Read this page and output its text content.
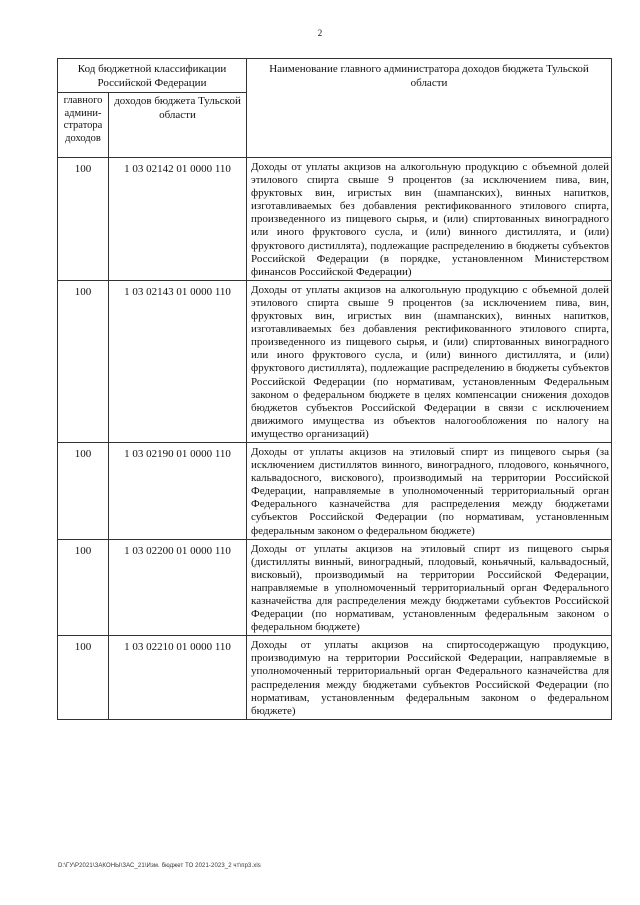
2
Код бюджетной классификации Российской Федерации		Наименование главного администратора доходов бюджета Тульской области
главного админи-стратора доходов	доходов бюджета Тульской области	
100	1 03 02142 01 0000 110	Доходы от уплаты акцизов на алкогольную продукцию с объемной долей этилового спирта свыше 9 процентов (за исключением пива, вин, фруктовых вин, игристых вин (шампанских), винных напитков, изготавливаемых без добавления ректификованного этилового спирта, произведенного из пищевого сырья, и (или) спиртованных виноградного или иного фруктового сусла, и (или) винного дистиллята, и (или) фруктового дистиллята), подлежащие распределению в бюджеты субъектов Российской Федерации (в порядке, установленном Министерством финансов Российской Федерации)
100	1 03 02143 01 0000 110	Доходы от уплаты акцизов на алкогольную продукцию с объемной долей этилового спирта свыше 9 процентов (за исключением пива, вин, фруктовых вин, игристых вин (шампанских), винных напитков, изготавливаемых без добавления ректификованного этилового спирта, произведенного из пищевого сырья, и (или) спиртованных виноградного или иного фруктового сусла, и (или) винного дистиллята, и (или) фруктового дистиллята), подлежащие распределению в бюджеты субъектов Российской Федерации (по нормативам, установленным Федеральным законом о федеральном бюджете в целях компенсации снижения доходов бюджетов субъектов Российской Федерации в связи с исключением движимого имущества из объектов налогообложения по налогу на имущество организаций)
100	1 03 02190 01 0000 110	Доходы от уплаты акцизов на этиловый спирт из пищевого сырья (за исключением дистиллятов винного, виноградного, плодового, коньячного, кальвадосного, вискового), производимый на территории Российской Федерации, направляемые в уполномоченный территориальный орган Федерального казначейства для распределения между бюджетами субъектов Российской Федерации (по нормативам, установленным федеральным законом о федеральном бюджете)
100	1 03 02200 01 0000 110	Доходы от уплаты акцизов на этиловый спирт из пищевого сырья (дистилляты винный, виноградный, плодовый, коньячный, кальвадосный, висковый), производимый на территории Российской Федерации, направляемые в уполномоченный территориальный орган Федерального казначейства для распределения между бюджетами субъектов Российской Федерации (по нормативам, установленным федеральным законом о федеральном бюджете)
100	1 03 02210 01 0000 110	Доходы от уплаты акцизов на спиртосодержащую продукцию, производимую на территории Российской Федерации, направляемые в уполномоченный территориальный орган Федерального казначейства для распределения между бюджетами субъектов Российской Федерации (по нормативам, установленным федеральным законом о федеральном бюджете)
D:\ГУ\Р2021\ЗАКОНЫ\ЗАС_21\Изм. бюджет ТО 2021-2023_2 чт\пр3.xls
